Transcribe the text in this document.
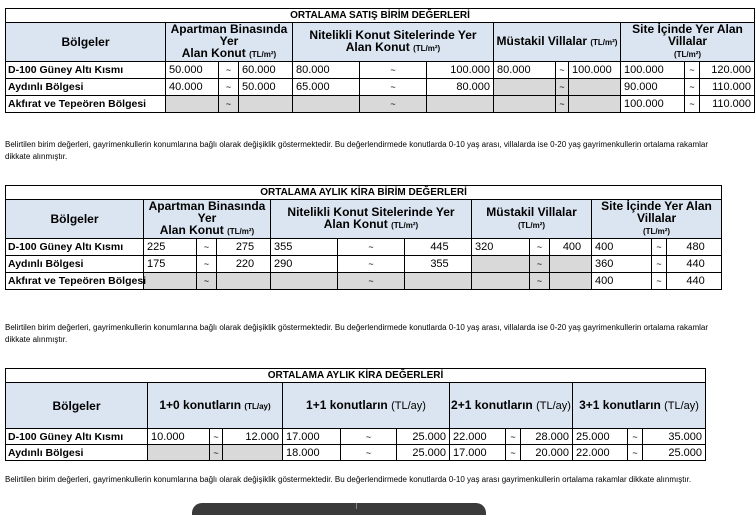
ORTALAMA SATIŞ BİRİM DEĞERLERİ												
Bölgeler	Apartman Binasında Yer
Alan Konut (TL/m²)			Nitelikli Konut Sitelerinde Yer
Alan Konut (TL/m²)			Müstakil Villalar (TL/m²)			Site İçinde Yer Alan Villalar
(TL/m²)		
D-100 Güney Altı Kısmı	50.000	~	60.000	80.000	~	100.000	80.000	~	100.000	100.000	~	120.000
Aydınlı Bölgesi	40.000	~	50.000	65.000	~	80.000		~		90.000	~	110.000
Akfırat ve Tepeören Bölgesi		~			~			~		100.000	~	110.000
Belirtilen birim değerleri, gayrimenkullerin konumlarına bağlı olarak değişiklik göstermektedir. Bu değerlendirmede konutlarda 0-10 yaş arası, villalarda ise 0-20 yaş gayrimenkullerin ortalama rakamlar dikkate alınmıştır.
ORTALAMA AYLIK KİRA BİRİM DEĞERLERİ												
Bölgeler	Apartman Binasında Yer
Alan Konut (TL/m²)			Nitelikli Konut Sitelerinde Yer
Alan Konut (TL/m²)			Müstakil Villalar (TL/m²)			Site İçinde Yer Alan Villalar
(TL/m²)		
D-100 Güney Altı Kısmı	225	~	275	355	~	445	320	~	400	400	~	480
Aydınlı Bölgesi	175	~	220	290	~	355		~		360	~	440
Akfırat ve Tepeören Bölgesi		~			~			~		400	~	440
Belirtilen birim değerleri, gayrimenkullerin konumlarına bağlı olarak değişiklik göstermektedir. Bu değerlendirmede konutlarda 0-10 yaş arası, villalarda ise 0-20 yaş gayrimenkullerin ortalama rakamlar dikkate alınmıştır.
ORTALAMA AYLIK KİRA DEĞERLERİ												
Bölgeler	1+0 konutların (TL/ay)			1+1 konutların (TL/ay)			2+1 konutların (TL/ay)			3+1 konutların (TL/ay)		
D-100 Güney Altı Kısmı	10.000	~	12.000	17.000	~	25.000	22.000	~	28.000	25.000	~	35.000
Aydınlı Bölgesi		~		18.000	~	25.000	17.000	~	20.000	22.000	~	25.000
Belirtilen birim değerleri, gayrimenkullerin konumlarına bağlı olarak değişiklik göstermektedir. Bu değerlendirmede konutlarda 0-10 yaş arası gayrimenkullerin ortalama rakamlar dikkate alınmıştır.
